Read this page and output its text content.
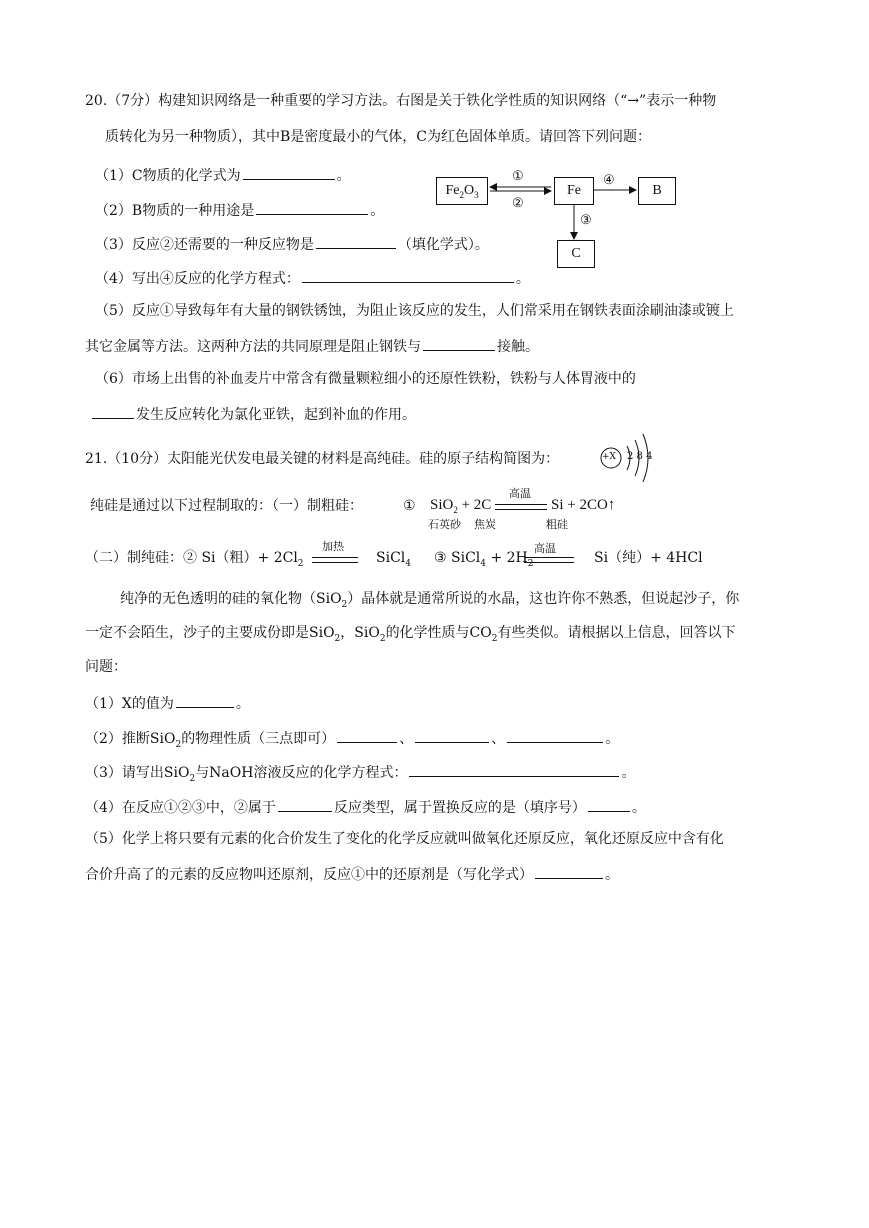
20.（7分）构建知识网络是一种重要的学习方法。右图是关于铁化学性质的知识网络（“→”表示一种物
质转化为另一种物质），其中B是密度最小的气体，C为红色固体单质。请回答下列问题：
（1）C物质的化学式为	。
（2）B物质的一种用途是	。
（3）反应②还需要的一种反应物是	（填化学式）。
（4）写出④反应的化学方程式：	。
（5）反应①导致每年有大量的钢铁锈蚀，为阻止该反应的发生，人们常采用在钢铁表面涂刷油漆或镀上
其它金属等方法。这两种方法的共同原理是阻止钢铁与	接触。
（6）市场上出售的补血麦片中常含有微量颗粒细小的还原性铁粉，铁粉与人体胃液中的
发生反应转化为氯化亚铁，起到补血的作用。
$Fe_2O_3$	Fe	B
C
①
②
④
③
21.（10分）太阳能光伏发电最关键的材料是高纯硅。硅的原子结构简图为：	+X 2 8 4
纯硅是通过以下过程制取的：（一）制粗硅：	① SiO$_2$ + 2C
高温
Si + 2CO↑
石英砂 焦炭	粗硅
（二）制纯硅：② Si（粗）+ $2Cl_2$
加热
SiCl$_4$ ③ SiCl$_4$ + $2H_2$
高温
Si（纯）+ 4HCl
纯净的无色透明的硅的氧化物（SiO$_2$）晶体就是通常所说的水晶，这也许你不熟悉，但说起沙子，你
一定不会陌生，沙子的主要成份即是SiO$_2$，SiO$_2$的化学性质与$CO_2$有些类似。请根据以上信息，回答以下
问题：
（1）X的值为	。
（2）推断SiO$_2$的物理性质（三点即可）	、	、	。
（3）请写出SiO$_2$与NaOH溶液反应的化学方程式：	。
（4）在反应①②③中，②属于	反应类型，属于置换反应的是（填序号）	。
（5）化学上将只要有元素的化合价发生了变化的化学反应就叫做氧化还原反应，氧化还原反应中含有化
合价升高了的元素的反应物叫还原剂，反应①中的还原剂是（写化学式）	。
